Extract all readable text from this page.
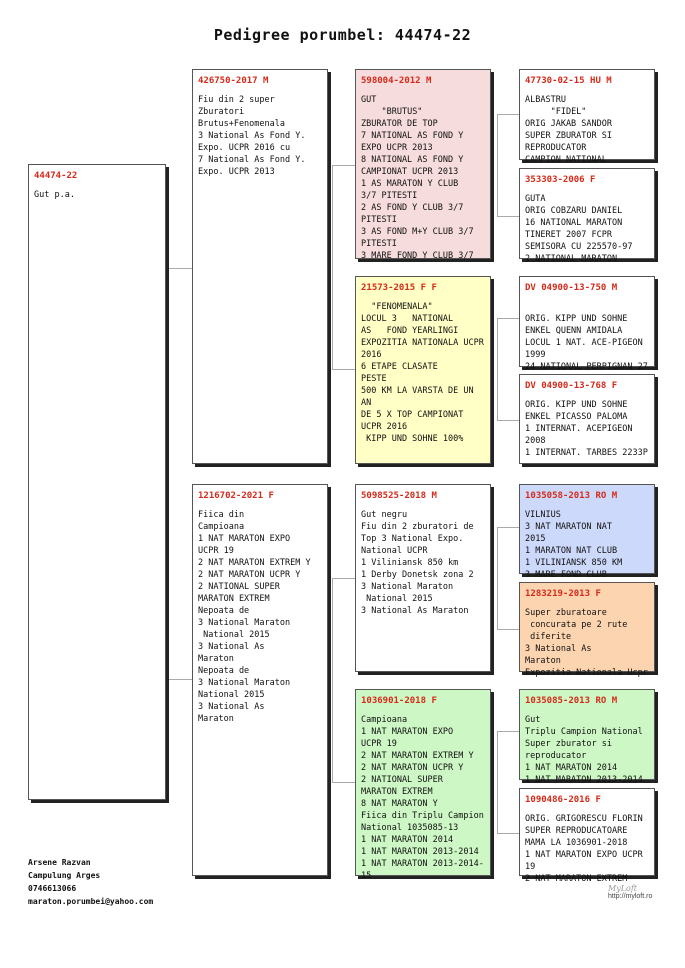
Pedigree porumbel: 44474-22
44474-22
Gut p.a.
426750-2017 M
Fiu din 2 super
Zburatori
Brutus+Fenomenala
3 National As Fond Y.
Expo. UCPR 2016 cu
7 National As Fond Y.
Expo. UCPR 2013
1216702-2021 F
Fiica din
Campioana
1 NAT MARATON EXPO
UCPR 19
2 NAT MARATON EXTREM Y
2 NAT MARATON UCPR Y
2 NATIONAL SUPER
MARATON EXTREM
Nepoata de
3 National Maraton
National 2015
3 National As
Maraton
Nepoata de
3 National Maraton
National 2015
3 National As
Maraton
598004-2012 M
GUT
"BRUTUS"
ZBURATOR DE TOP
7 NATIONAL AS FOND Y
EXPO UCPR 2013
8 NATIONAL AS FOND Y
CAMPIONAT UCPR 2013
1 AS MARATON Y CLUB
3/7 PITESTI
2 AS FOND Y CLUB 3/7
PITESTI
3 AS FOND M+Y CLUB 3/7
PITESTI
3 MARE FOND Y CLUB 3/7
21573-2015 F F
"FENOMENALA"
LOCUL 3   NATIONAL
AS   FOND YEARLINGI
EXPOZITIA NATIONALA UCPR
2016
6 ETAPE CLASATE
PESTE
500 KM LA VARSTA DE UN
AN
DE 5 X TOP CAMPIONAT
UCPR 2016
KIPP UND SOHNE 100%
5098525-2018 M
Gut negru
Fiu din 2 zburatori de
Top 3 National Expo.
National UCPR
1 Viliniansk 850 km
1 Derby Donetsk zona 2
3 National Maraton
National 2015
3 National As Maraton
1036901-2018 F
Campioana
1 NAT MARATON EXPO
UCPR 19
2 NAT MARATON EXTREM Y
2 NAT MARATON UCPR Y
2 NATIONAL SUPER
MARATON EXTREM
8 NAT MARATON Y
Fiica din Triplu Campion
National 1035085-13
1 NAT MARATON 2014
1 NAT MARATON 2013-2014
1 NAT MARATON 2013-2014-
15
47730-02-15 HU M
ALBASTRU
"FIDEL"
ORIG JAKAB SANDOR
SUPER ZBURATOR SI
REPRODUCATOR
CAMPION NATIONAL
353303-2006 F
GUTA
ORIG COBZARU DANIEL
16 NATIONAL MARATON
TINERET 2007 FCPR
SEMISORA CU 225570-97
2 NATIONAL MARATON
DV 04900-13-750 M

ORIG. KIPP UND SOHNE
ENKEL QUENN AMIDALA
LOCUL 1 NAT. ACE-PIGEON
1999
24 NATIONAL PERPIGNAN 27
DV 04900-13-768 F
ORIG. KIPP UND SOHNE
ENKEL PICASSO PALOMA
1 INTERNAT. ACEPIGEON
2008
1 INTERNAT. TARBES 2233P
1035058-2013 RO M
VILNIUS
3 NAT MARATON NAT
2015
1 MARATON NAT CLUB
1 VILINIANSK 850 KM
3 MARE FOND CLUB
1283219-2013 F
Super zburatoare
concurata pe 2 rute
diferite
3 National As
Maraton
Expozitia Nationala Ucpr
1035085-2013 RO M
Gut
Triplu Campion National
Super zburator si
reproducator
1 NAT MARATON 2014
1 NAT MARATON 2013-2014
1090486-2016 F
ORIG. GRIGORESCU FLORIN
SUPER REPRODUCATOARE
MAMA LA 1036901-2018
1 NAT MARATON EXPO UCPR
19
2 NAT MARATON EXTREM
Arsene Razvan
Campulung Arges
0746613066
maraton.porumbei@yahoo.com
MyLoft
http://myloft.ro
